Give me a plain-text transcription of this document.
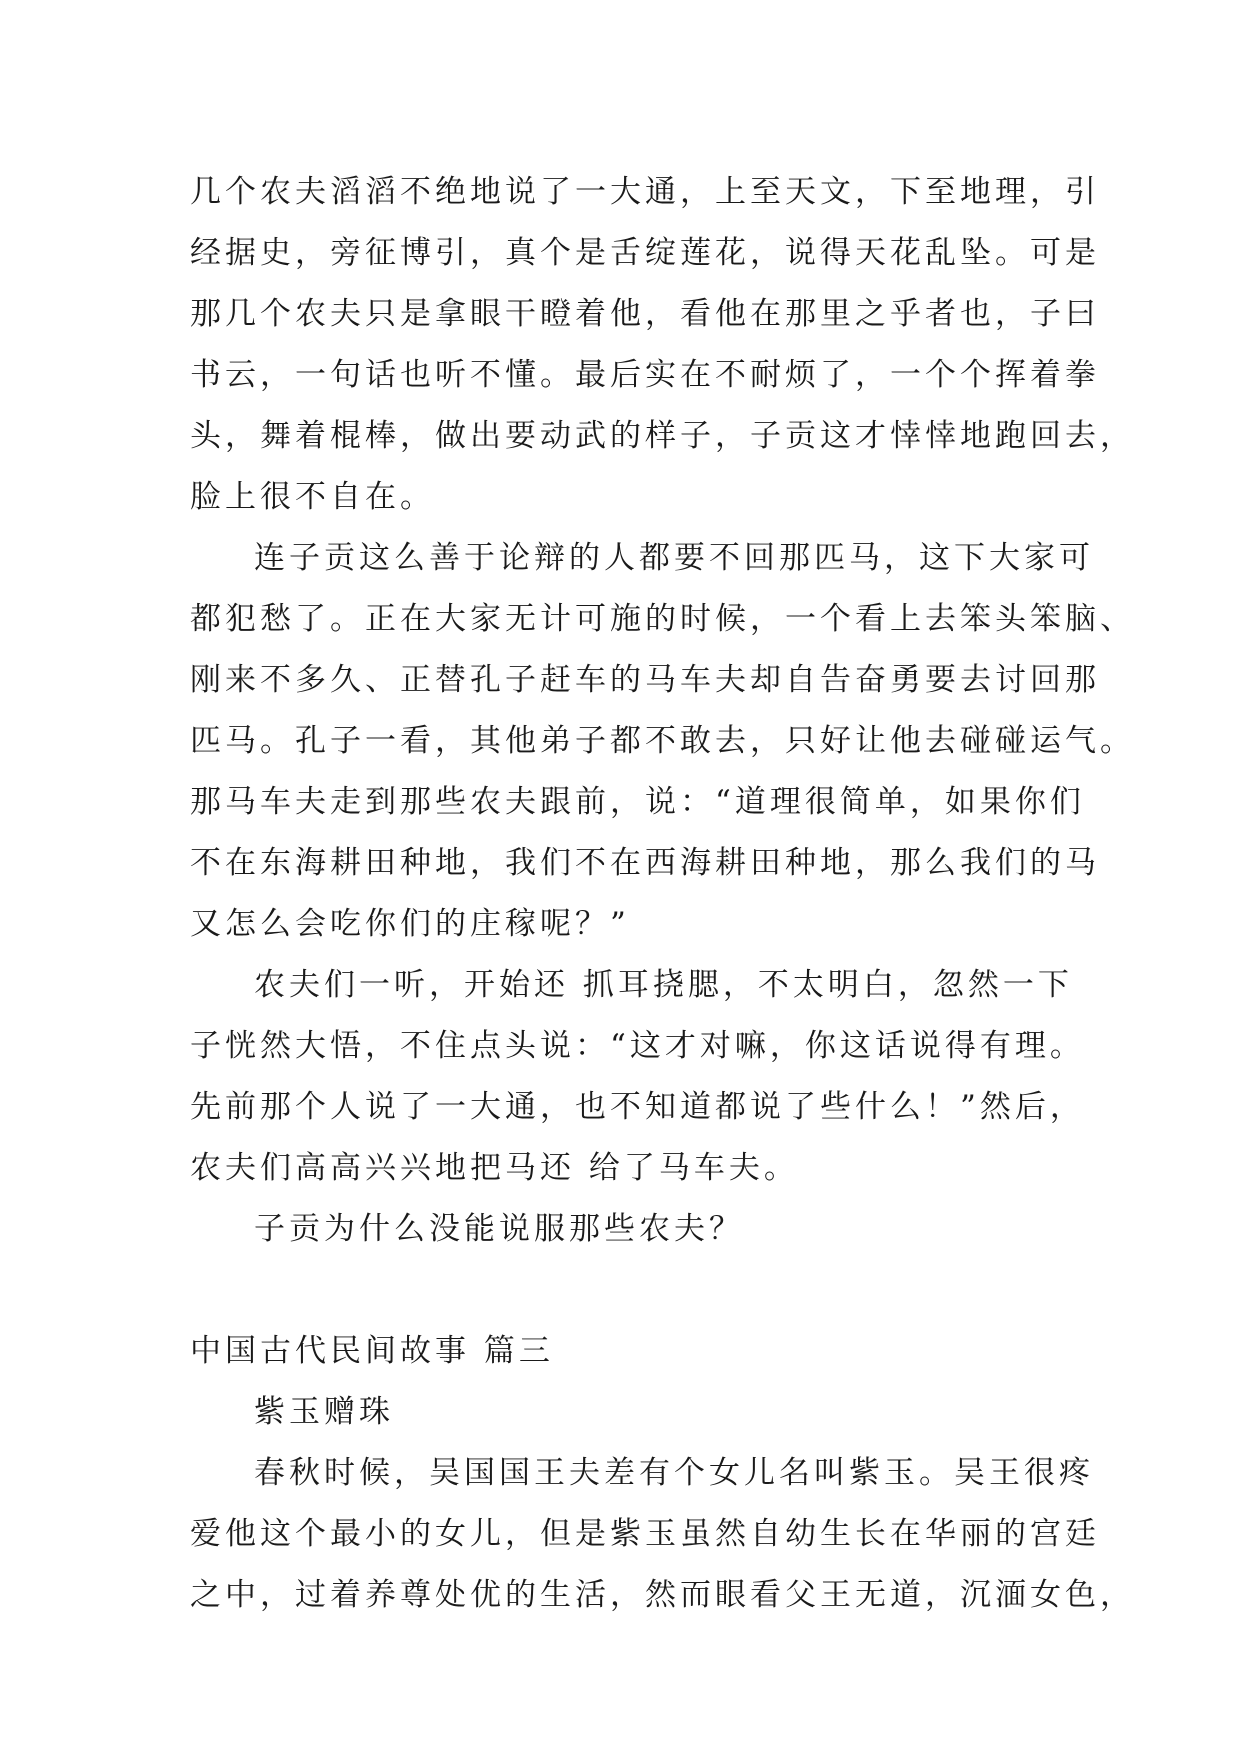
几个农夫滔滔不绝地说了一大通，上至天文，下至地理，引
经据史，旁征博引，真个是舌绽莲花，说得天花乱坠。可是
那几个农夫只是拿眼干瞪着他，看他在那里之乎者也，子曰
书云，一句话也听不懂。最后实在不耐烦了，一个个挥着拳
头，舞着棍棒，做出要动武的样子，子贡这才悻悻地跑回去，
脸上很不自在。
连子贡这么善于论辩的人都要不回那匹马，这下大家可
都犯愁了。正在大家无计可施的时候，一个看上去笨头笨脑、
刚来不多久、正替孔子赶车的马车夫却自告奋勇要去讨回那
匹马。孔子一看，其他弟子都不敢去，只好让他去碰碰运气。
那马车夫走到那些农夫跟前，说：“道理很简单，如果你们
不在东海耕田种地，我们不在西海耕田种地，那么我们的马
又怎么会吃你们的庄稼呢？”
农夫们一听，开始还 抓耳挠腮，不太明白，忽然一下
子恍然大悟，不住点头说：“这才对嘛，你这话说得有理。
先前那个人说了一大通，也不知道都说了些什么！”然后，
农夫们高高兴兴地把马还 给了马车夫。
子贡为什么没能说服那些农夫？
中国古代民间故事 篇三
紫玉赠珠
春秋时候，吴国国王夫差有个女儿名叫紫玉。吴王很疼
爱他这个最小的女儿，但是紫玉虽然自幼生长在华丽的宫廷
之中，过着养尊处优的生活，然而眼看父王无道，沉湎女色，
